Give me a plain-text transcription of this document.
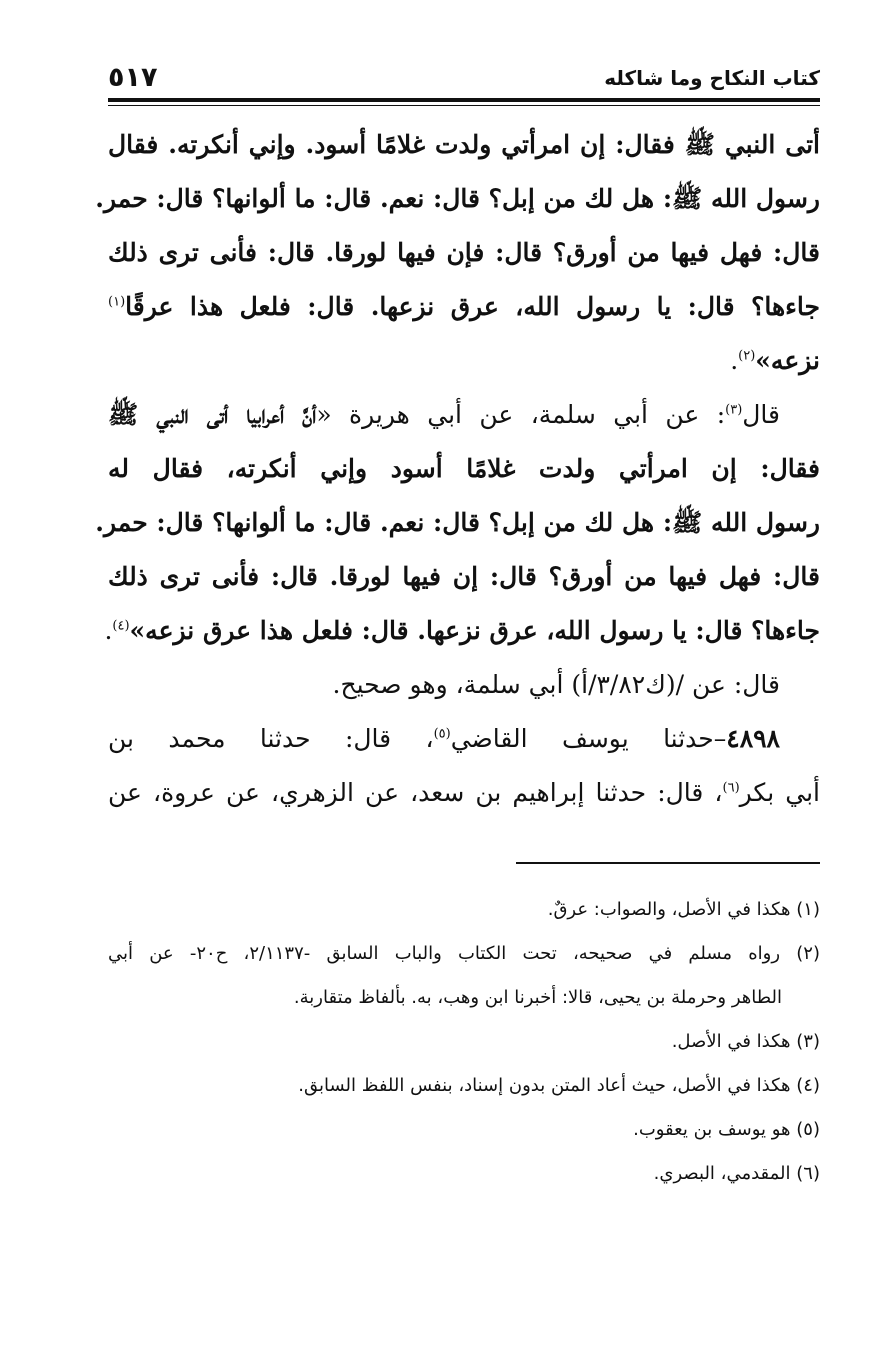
كتاب النكاح وما شاكله
٥١٧
أتى النبي ﷺ فقال: إن امرأتي ولدت غلامًا أسود. وإني أنكرته. فقال
رسول الله ﷺ: هل لك من إبل؟ قال: نعم. قال: ما ألوانها؟ قال: حمر.
قال: فهل فيها من أورق؟ قال: فإن فيها لورقا. قال: فأنى ترى ذلك
جاءها؟ قال: يا رسول الله، عرق نزعها. قال: فلعل هذا عرقًا$^{(١)}$
نزعه»$^{(٢)}$.
قال$^{(٣)}$: عن أبي سلمة، عن أبي هريرة «أنَّ أعرابيا أتى النبي ﷺ
فقال: إن امرأتي ولدت غلامًا أسود وإني أنكرته، فقال له
رسول الله ﷺ: هل لك من إبل؟ قال: نعم. قال: ما ألوانها؟ قال: حمر.
قال: فهل فيها من أورق؟ قال: إن فيها لورقا. قال: فأنى ترى ذلك
جاءها؟ قال: يا رسول الله، عرق نزعها. قال: فلعل هذا عرق نزعه»$^{(٤)}$.
قال: عن /(ك٣/٨٢/أ) أبي سلمة، وهو صحيح.
٤٨٩٨–حدثنا يوسف القاضي$^{(٥)}$، قال: حدثنا محمد بن
أبي بكر$^{(٦)}$، قال: حدثنا إبراهيم بن سعد، عن الزهري، عن عروة، عن
(١) هكذا في الأصل، والصواب: عرقٌ.
(٢) رواه مسلم في صحيحه، تحت الكتاب والباب السابق -٢/١١٣٧، ح٢٠- عن أبي
الطاهر وحرملة بن يحيى، قالا: أخبرنا ابن وهب، به. بألفاظ متقاربة.
(٣) هكذا في الأصل.
(٤) هكذا في الأصل، حيث أعاد المتن بدون إسناد، بنفس اللفظ السابق.
(٥) هو يوسف بن يعقوب.
(٦) المقدمي، البصري.
